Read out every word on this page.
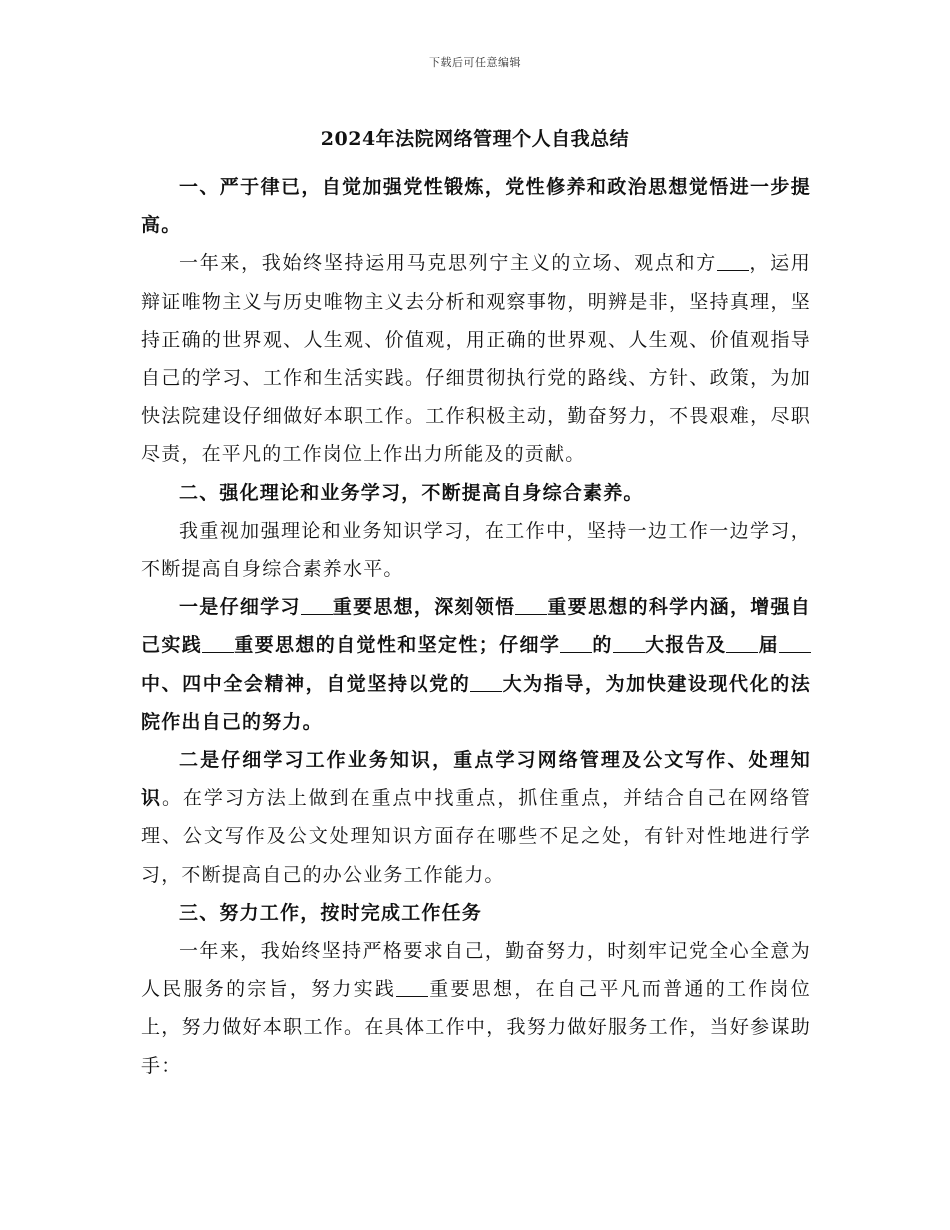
下载后可任意编辑
2024年法院网络管理个人自我总结

一、严于律已，自觉加强党性锻炼，党性修养和政治思想觉悟进一步提高。

一年来，我始终坚持运用马克思列宁主义的立场、观点和方 ，运用辩证唯物主义与历史唯物主义去分析和观察事物，明辨是非，坚持真理，坚持正确的世界观、人生观、价值观，用正确的世界观、人生观、价值观指导自己的学习、工作和生活实践。仔细贯彻执行党的路线、方针、政策，为加快法院建设仔细做好本职工作。工作积极主动，勤奋努力，不畏艰难，尽职尽责，在平凡的工作岗位上作出力所能及的贡献。

二、强化理论和业务学习，不断提高自身综合素养。

我重视加强理论和业务知识学习，在工作中，坚持一边工作一边学习，不断提高自身综合素养水平。

一是仔细学习 重要思想，深刻领悟 重要思想的科学内涵，增强自己实践 重要思想的自觉性和坚定性；仔细学 的 大报告及 届中、四中全会精神，自觉坚持以党的 大为指导，为加快建设现代化的法院作出自己的努力。

二是仔细学习工作业务知识，重点学习网络管理及公文写作、处理知识。在学习方法上做到在重点中找重点，抓住重点，并结合自己在网络管理、公文写作及公文处理知识方面存在哪些不足之处，有针对性地进行学习，不断提高自己的办公业务工作能力。

三、努力工作，按时完成工作任务

一年来，我始终坚持严格要求自己，勤奋努力，时刻牢记党全心全意为人民服务的宗旨，努力实践 重要思想，在自己平凡而普通的工作岗位上，努力做好本职工作。在具体工作中，我努力做好服务工作，当好参谋助手：
